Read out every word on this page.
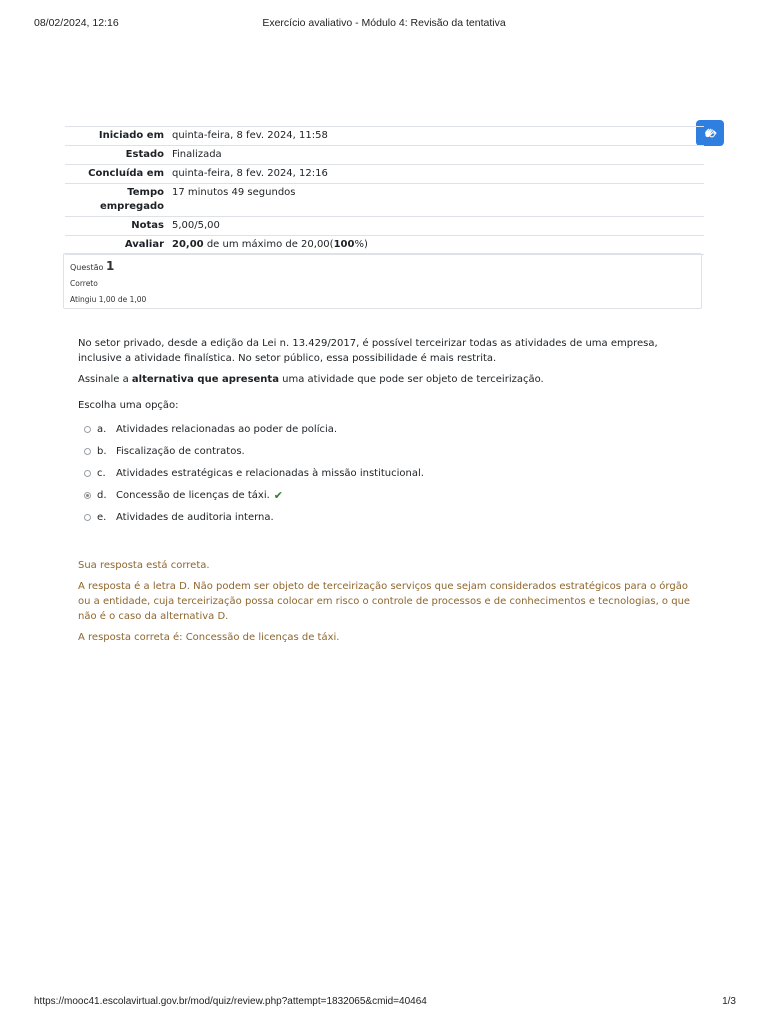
08/02/2024, 12:16	Exercício avaliativo - Módulo 4: Revisão da tentativa
Iniciado em	quinta-feira, 8 fev. 2024, 11:58
Estado	Finalizada
Concluída em	quinta-feira, 8 fev. 2024, 12:16
Tempo
empregado	17 minutos 49 segundos
Notas	5,00/5,00
Avaliar	20,00 de um máximo de 20,00(100%)
Questão 1
Correto
Atingiu 1,00 de 1,00

No setor privado, desde a edição da Lei n. 13.429/2017, é possível terceirizar todas as atividades de uma empresa, inclusive a atividade finalística. No setor público, essa possibilidade é mais restrita.

Assinale a alternativa que apresenta uma atividade que pode ser objeto de terceirização.

Escolha uma opção:
a. Atividades relacionadas ao poder de polícia.
b. Fiscalização de contratos.
c.	Atividades estratégicas e relacionadas à missão institucional.
d. Concessão de licenças de táxi. ✔
e. Atividades de auditoria interna.

Sua resposta está correta.

A resposta é a letra D. Não podem ser objeto de terceirização serviços que sejam considerados estratégicos para o órgão ou a entidade, cuja terceirização possa colocar em risco o controle de processos e de conhecimentos e tecnologias, o que não é o caso da alternativa D.

A resposta correta é: Concessão de licenças de táxi.

https://mooc41.escolavirtual.gov.br/mod/quiz/review.php?attempt=1832065&cmid=40464	1/3
